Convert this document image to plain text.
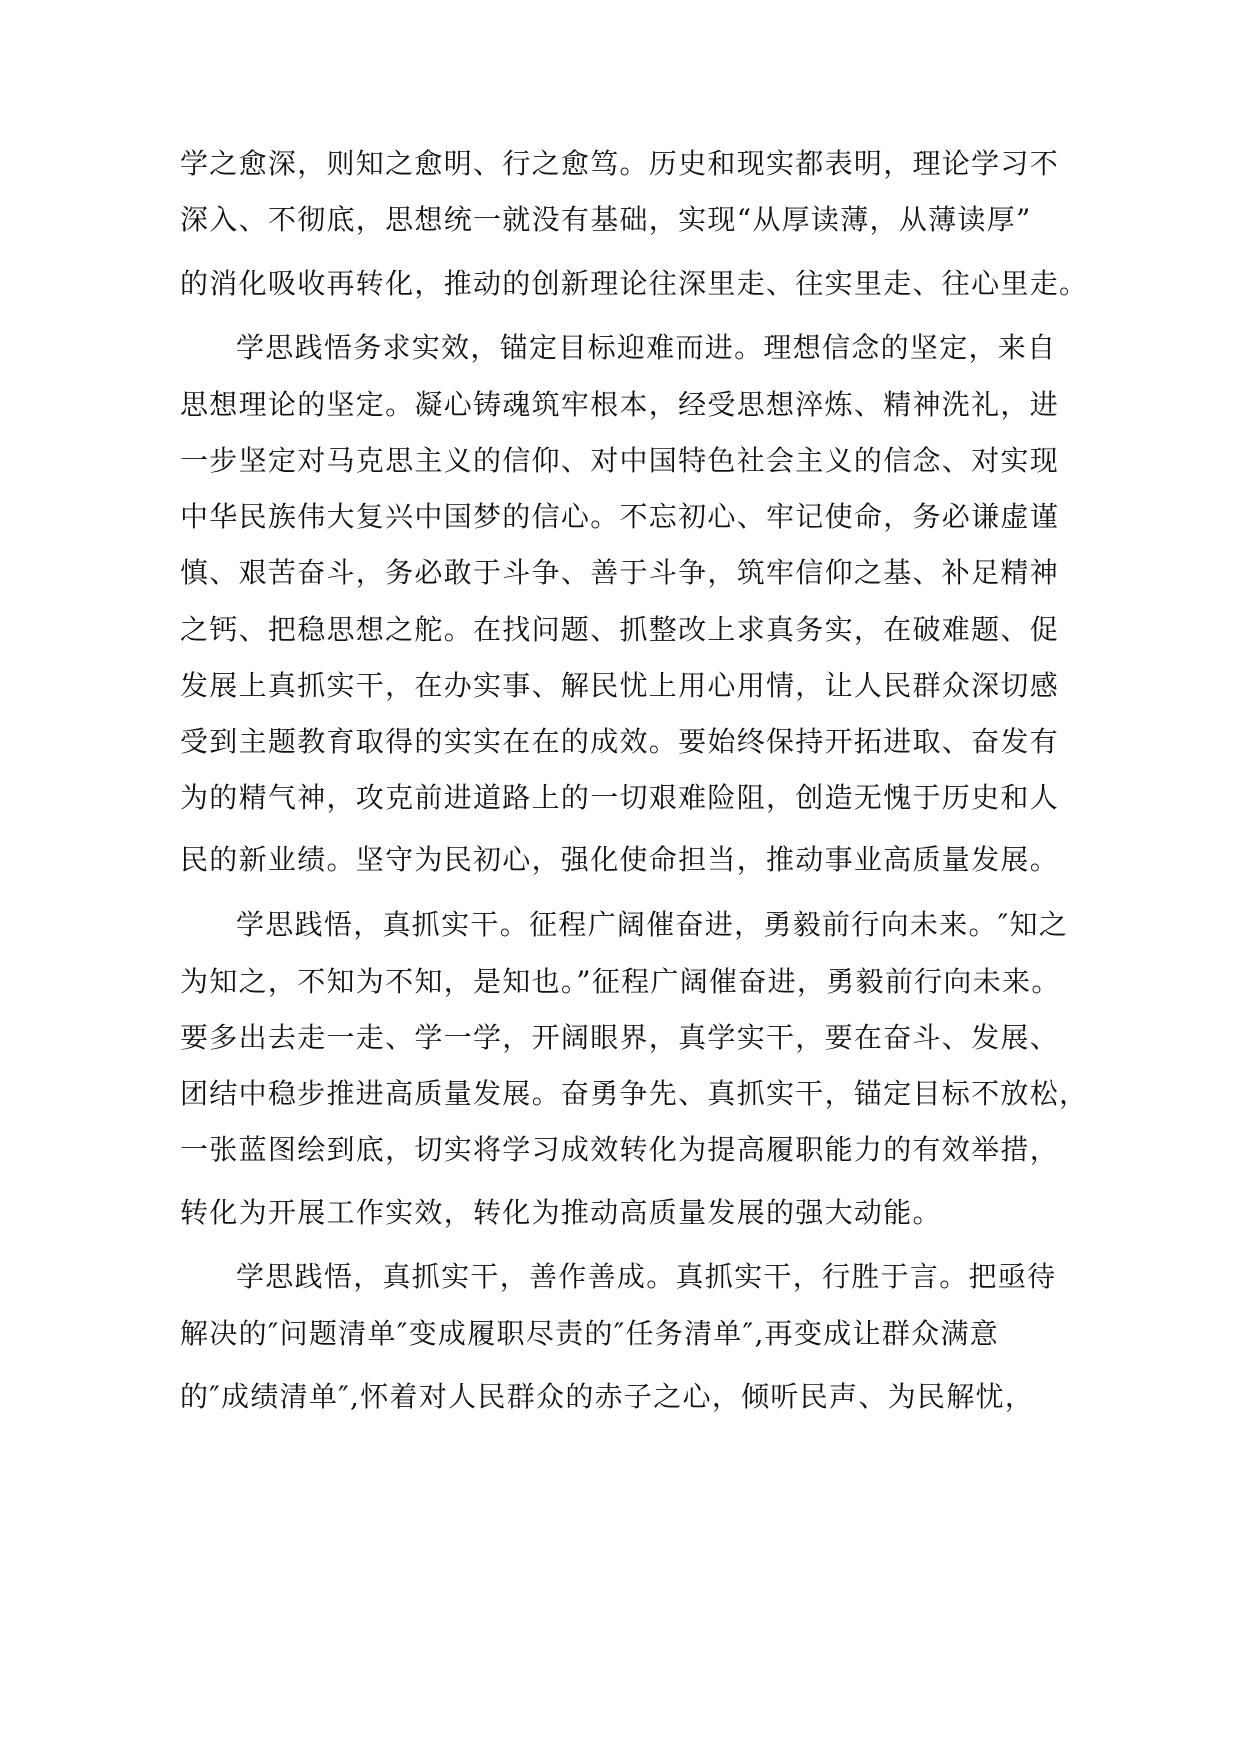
学之愈深，则知之愈明、行之愈笃。历史和现实都表明，理论学习不
深入、不彻底，思想统一就没有基础，实现“从厚读薄，从薄读厚”
的消化吸收再转化，推动的创新理论往深里走、往实里走、往心里走。
学思践悟务求实效，锚定目标迎难而进。理想信念的坚定，来自
思想理论的坚定。凝心铸魂筑牢根本，经受思想淬炼、精神洗礼，进
一步坚定对马克思主义的信仰、对中国特色社会主义的信念、对实现
中华民族伟大复兴中国梦的信心。不忘初心、牢记使命，务必谦虚谨
慎、艰苦奋斗，务必敢于斗争、善于斗争，筑牢信仰之基、补足精神
之钙、把稳思想之舵。在找问题、抓整改上求真务实，在破难题、促
发展上真抓实干，在办实事、解民忧上用心用情，让人民群众深切感
受到主题教育取得的实实在在的成效。要始终保持开拓进取、奋发有
为的精气神，攻克前进道路上的一切艰难险阻，创造无愧于历史和人
民的新业绩。坚守为民初心，强化使命担当，推动事业高质量发展。
学思践悟，真抓实干。征程广阔催奋进，勇毅前行向未来。″知之
为知之，不知为不知，是知也。”征程广阔催奋进，勇毅前行向未来。
要多出去走一走、学一学，开阔眼界，真学实干，要在奋斗、发展、
团结中稳步推进高质量发展。奋勇争先、真抓实干，锚定目标不放松，
一张蓝图绘到底，切实将学习成效转化为提高履职能力的有效举措，
转化为开展工作实效，转化为推动高质量发展的强大动能。
学思践悟，真抓实干，善作善成。真抓实干，行胜于言。把亟待
解决的″问题清单″变成履职尽责的″任务清单″,再变成让群众满意
的″成绩清单″,怀着对人民群众的赤子之心，倾听民声、为民解忧，
